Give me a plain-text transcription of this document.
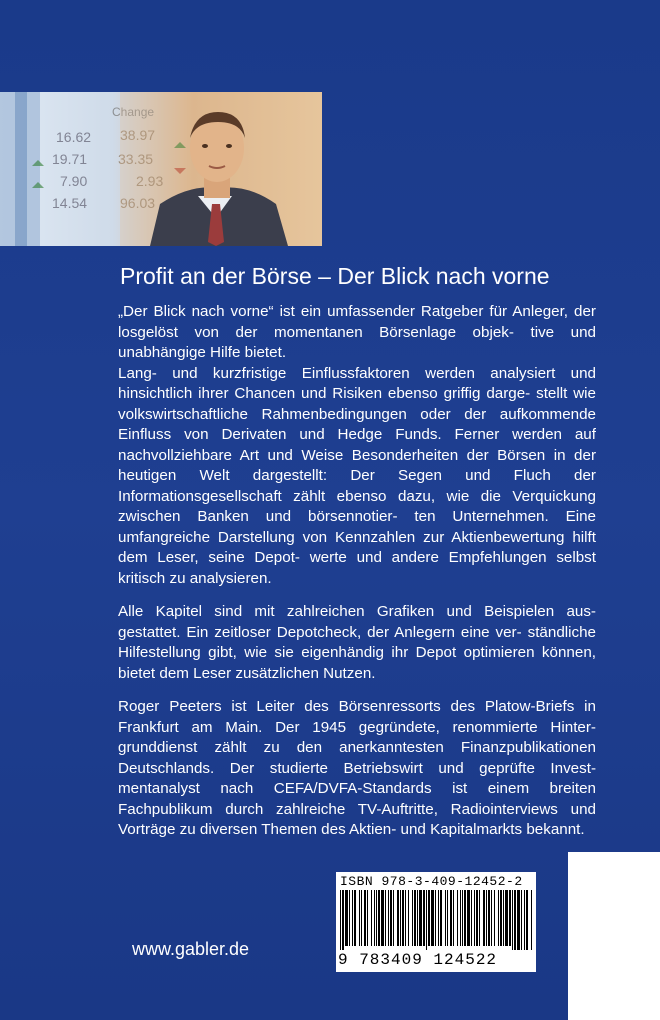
Change
38.97
33.35
2.93
96.03
16.62
19.71
7.90
14.54
Profit an der Börse – Der Blick nach vorne

„Der Blick nach vorne“ ist ein umfassender Ratgeber für Anleger, der losgelöst von der momentanen Börsenlage objek- tive und unabhängige Hilfe bietet.
Lang- und kurzfristige Einflussfaktoren werden analysiert und hinsichtlich ihrer Chancen und Risiken ebenso griffig darge- stellt wie volkswirtschaftliche Rahmenbedingungen oder der aufkommende Einfluss von Derivaten und Hedge Funds. Ferner werden auf nachvollziehbare Art und Weise Besonderheiten der Börsen in der heutigen Welt dargestellt: Der Segen und Fluch der Informationsgesellschaft zählt ebenso dazu, wie die Verquickung zwischen Banken und börsennotier- ten Unternehmen. Eine umfangreiche Darstellung von Kennzahlen zur Aktienbewertung hilft dem Leser, seine Depot- werte und andere Empfehlungen selbst kritisch zu analysieren.

Alle Kapitel sind mit zahlreichen Grafiken und Beispielen aus- gestattet. Ein zeitloser Depotcheck, der Anlegern eine ver- ständliche Hilfestellung gibt, wie sie eigenhändig ihr Depot optimieren können, bietet dem Leser zusätzlichen Nutzen.

Roger Peeters ist Leiter des Börsenressorts des Platow-Briefs in Frankfurt am Main. Der 1945 gegründete, renommierte Hinter- grunddienst zählt zu den anerkanntesten Finanzpublikationen Deutschlands. Der studierte Betriebswirt und geprüfte Invest- mentanalyst nach CEFA/DVFA-Standards ist einem breiten Fachpublikum durch zahlreiche TV-Auftritte, Radiointerviews und Vorträge zu diversen Themen des Aktien- und Kapitalmarkts bekannt.

www.gabler.de
ISBN 978-3-409-12452-2
9 783409 124522
